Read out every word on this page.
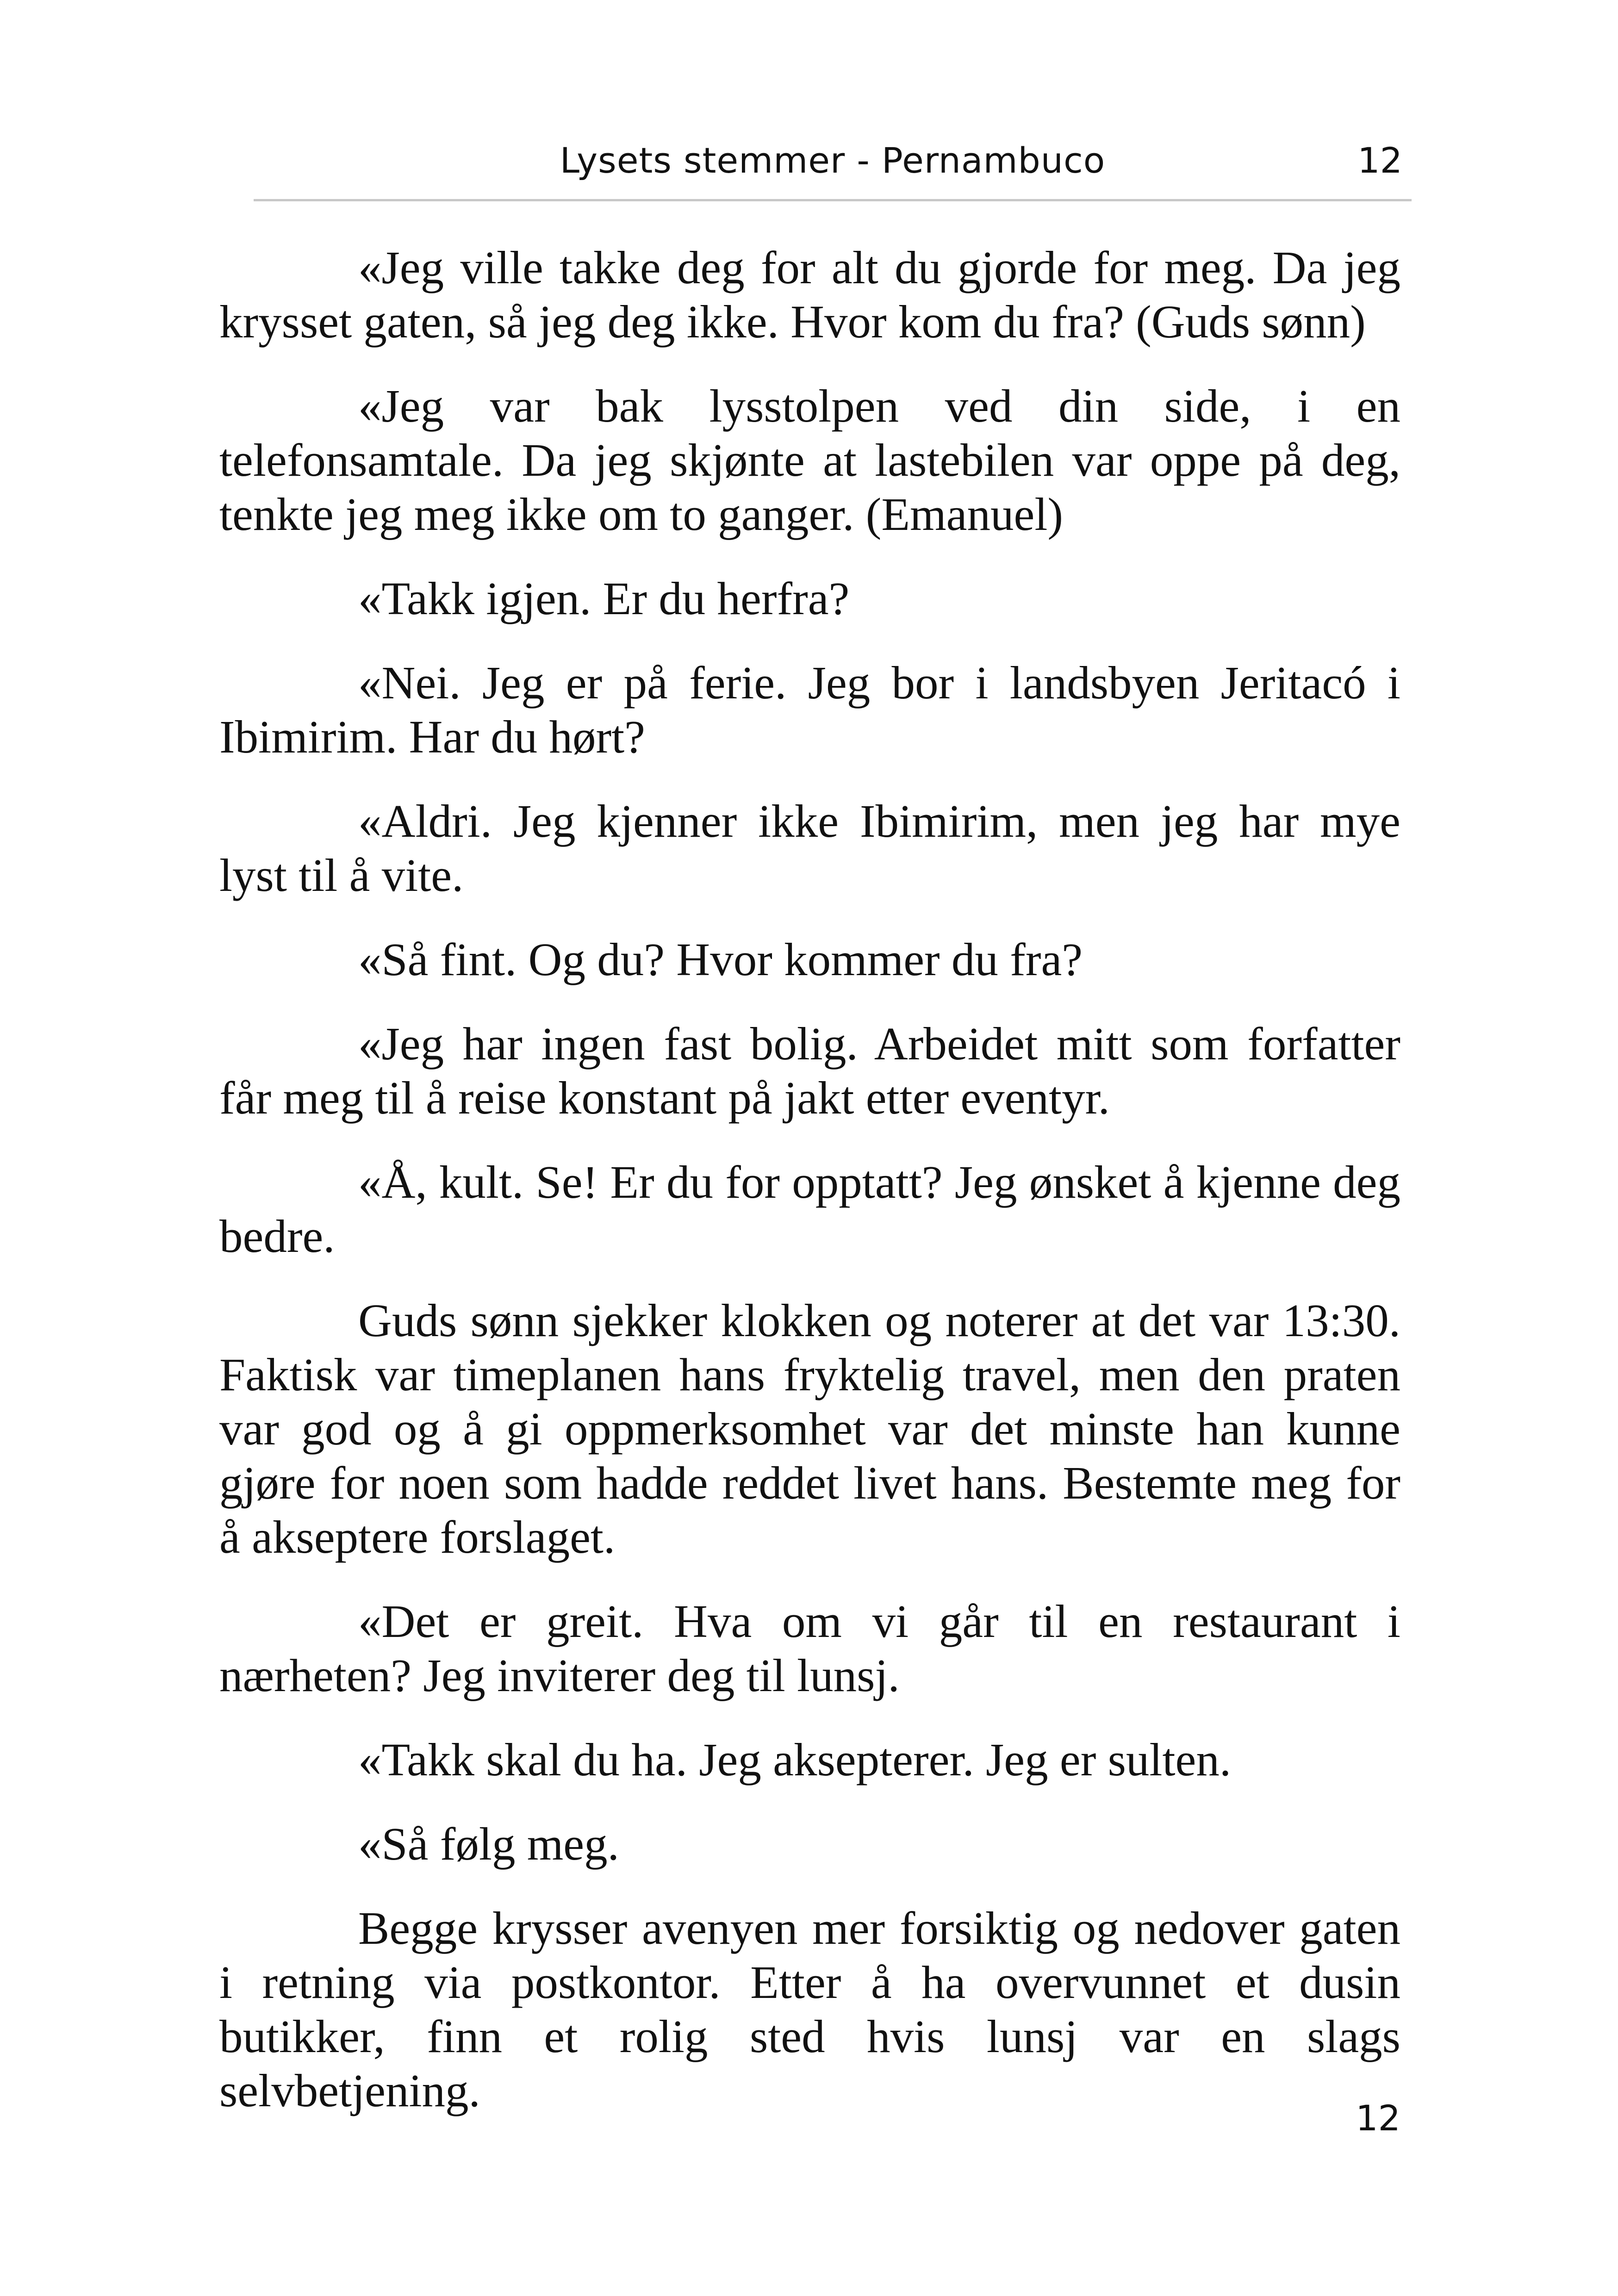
Lysets stemmer - Pernambuco	12

«Jeg ville takke deg for alt du gjorde for meg. Da jeg krysset gaten, så jeg deg ikke. Hvor kom du fra? (Guds sønn)

«Jeg var bak lysstolpen ved din side, i en telefonsamtale. Da jeg skjønte at lastebilen var oppe på deg, tenkte jeg meg ikke om to ganger. (Emanuel)

«Takk igjen. Er du herfra?

«Nei. Jeg er på ferie. Jeg bor i landsbyen Jeritacó i Ibimirim. Har du hørt?

«Aldri. Jeg kjenner ikke Ibimirim, men jeg har mye lyst til å vite.

«Så fint. Og du? Hvor kommer du fra?

«Jeg har ingen fast bolig. Arbeidet mitt som forfatter får meg til å reise konstant på jakt etter eventyr.

«Å, kult. Se! Er du for opptatt? Jeg ønsket å kjenne deg bedre.

Guds sønn sjekker klokken og noterer at det var 13:30. Faktisk var timeplanen hans fryktelig travel, men den praten var god og å gi oppmerksomhet var det minste han kunne gjøre for noen som hadde reddet livet hans. Bestemte meg for å akseptere forslaget.

«Det er greit. Hva om vi går til en restaurant i nærheten? Jeg inviterer deg til lunsj.

«Takk skal du ha. Jeg aksepterer. Jeg er sulten.

«Så følg meg.

Begge krysser avenyen mer forsiktig og nedover gaten i retning via postkontor. Etter å ha overvunnet et dusin butikker, finn et rolig sted hvis lunsj var en slags selvbetjening.

12
